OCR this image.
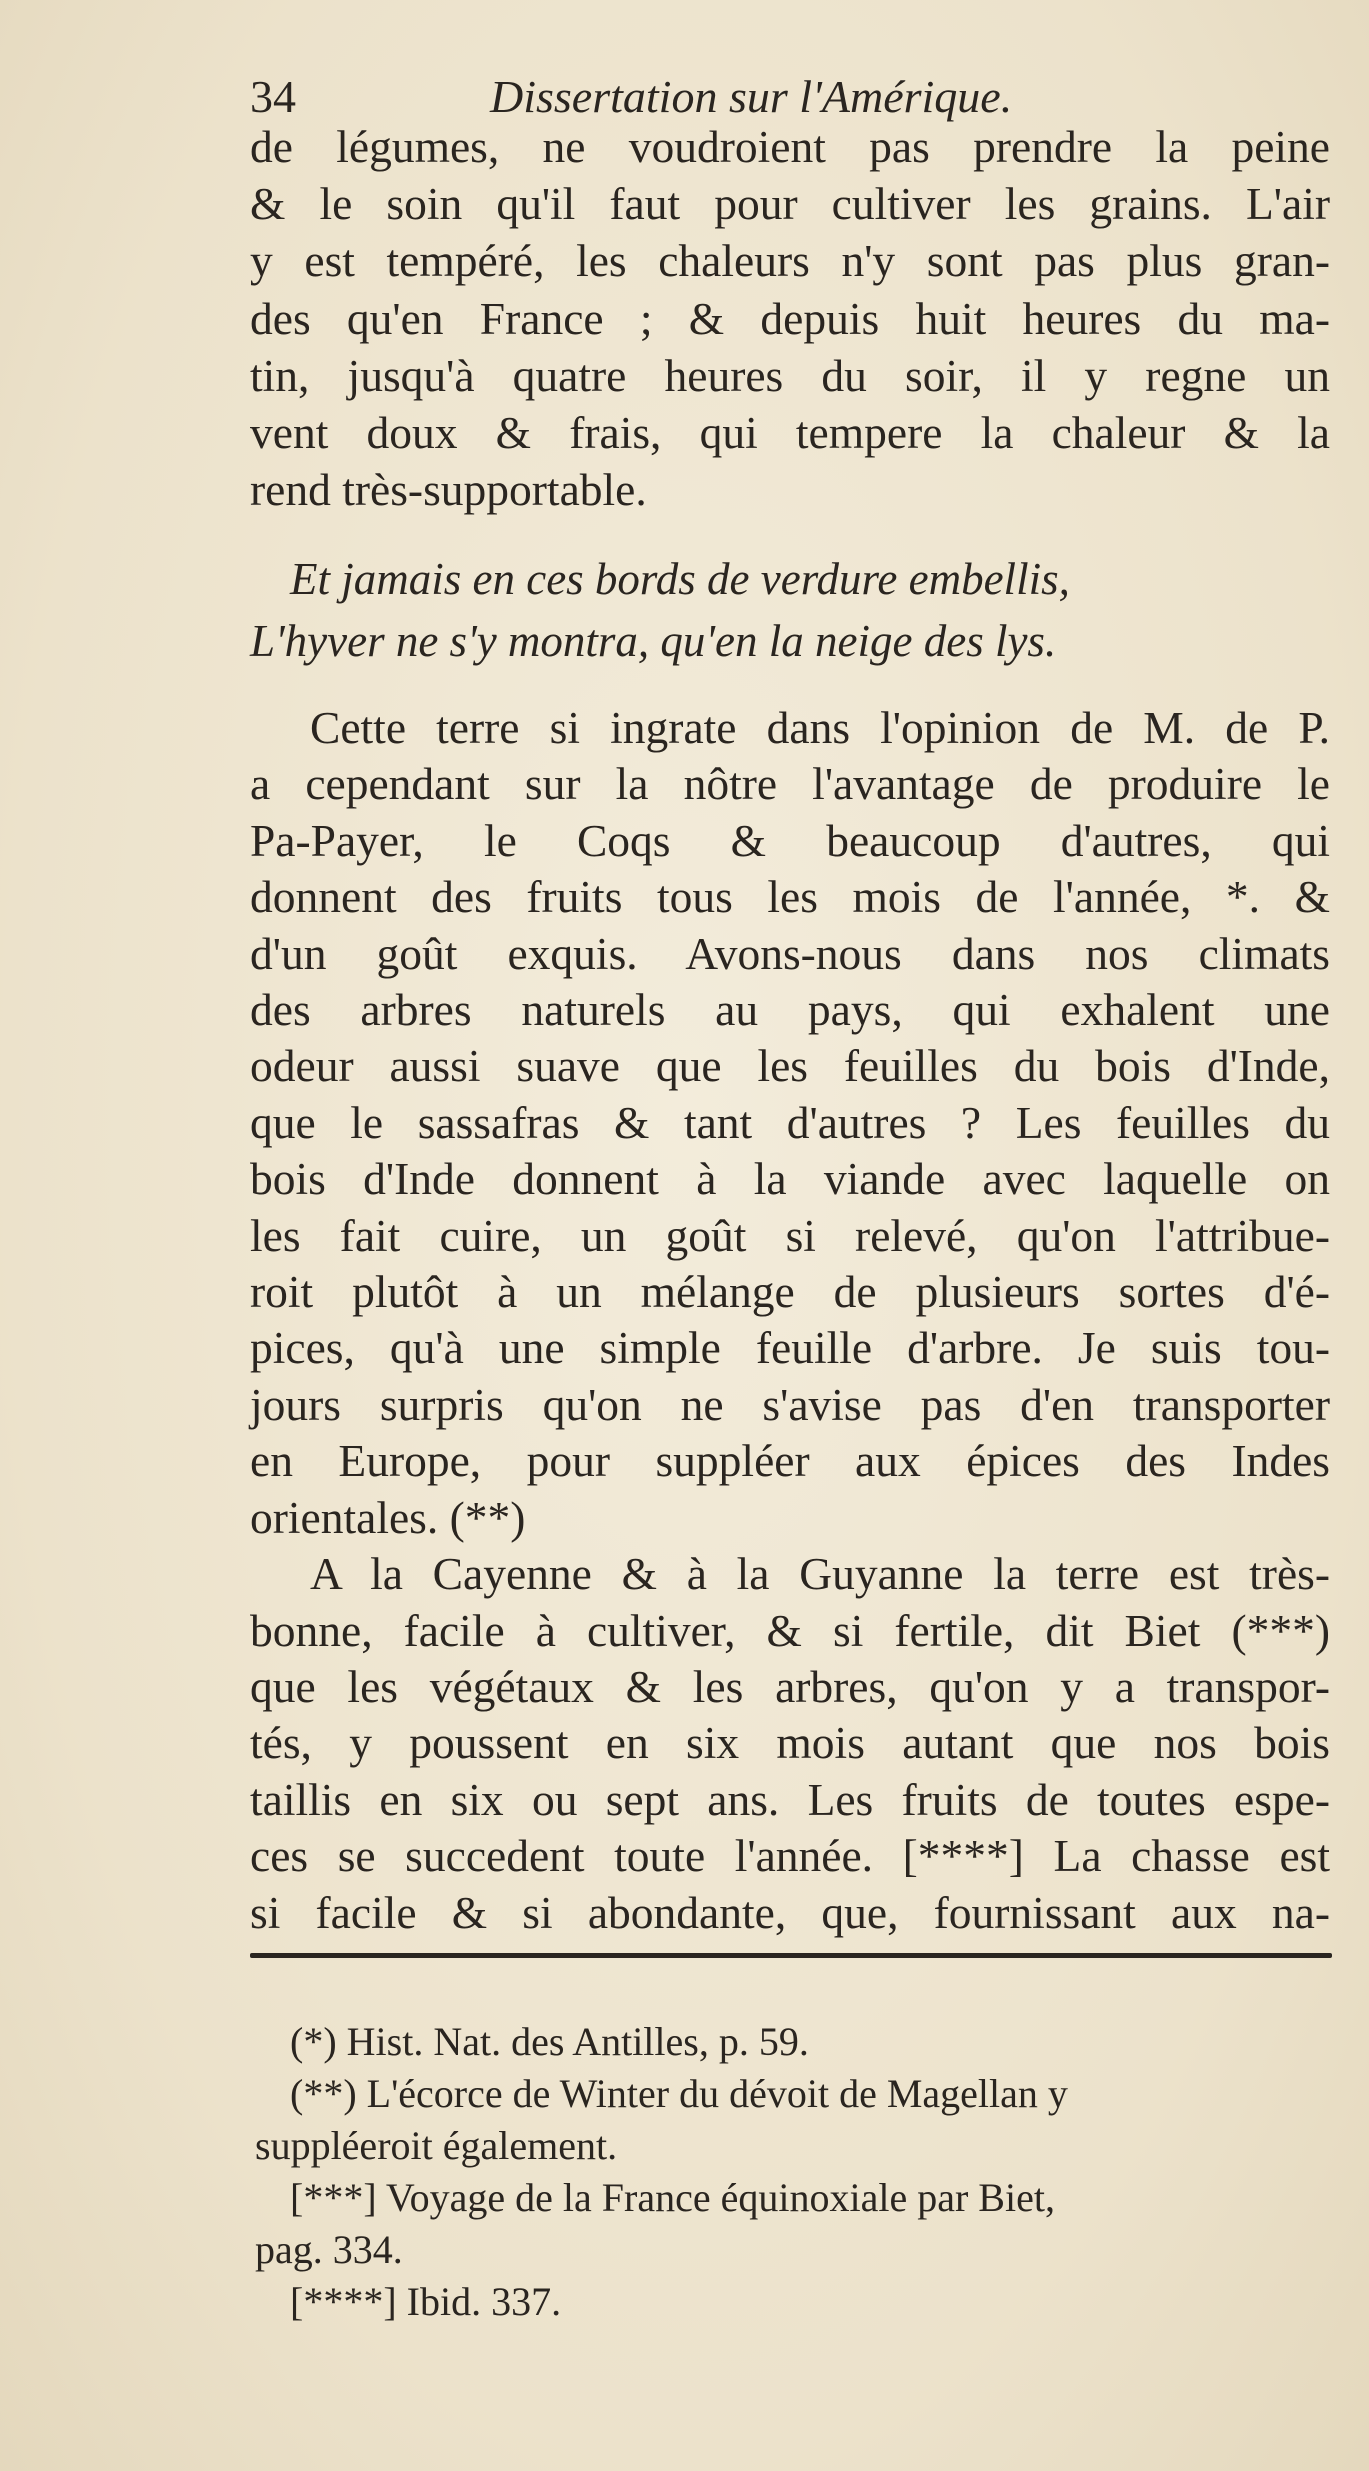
34	Dissertation sur l'Amérique.

de légumes, ne voudroient pas prendre la peine

& le soin qu'il faut pour cultiver les grains. L'air

y est tempéré, les chaleurs n'y sont pas plus gran-

des qu'en France ; & depuis huit heures du ma-

tin, jusqu'à quatre heures du soir, il y regne un

vent doux & frais, qui tempere la chaleur & la

rend très-supportable.

Et jamais en ces bords de verdure embellis,
L'hyver ne s'y montra, qu'en la neige des lys.

Cette terre si ingrate dans l'opinion de M. de P.

a cependant sur la nôtre l'avantage de produire le

Pa-Payer, le Coqs & beaucoup d'autres, qui

donnent des fruits tous les mois de l'année, *. &

d'un goût exquis. Avons-nous dans nos climats

des arbres naturels au pays, qui exhalent une

odeur aussi suave que les feuilles du bois d'Inde,

que le sassafras & tant d'autres ? Les feuilles du

bois d'Inde donnent à la viande avec laquelle on

les fait cuire, un goût si relevé, qu'on l'attribue-

roit plutôt à un mélange de plusieurs sortes d'é-

pices, qu'à une simple feuille d'arbre. Je suis tou-

jours surpris qu'on ne s'avise pas d'en transporter

en Europe, pour suppléer aux épices des Indes

orientales. (**)

A la Cayenne & à la Guyanne la terre est très-

bonne, facile à cultiver, & si fertile, dit Biet (***)

que les végétaux & les arbres, qu'on y a transpor-

tés, y poussent en six mois autant que nos bois

taillis en six ou sept ans. Les fruits de toutes espe-

ces se succedent toute l'année. [****] La chasse est

si facile & si abondante, que, fournissant aux na-

(*) Hist. Nat. des Antilles, p. 59.

(**) L'écorce de Winter du dévoit de Magellan y

suppléeroit également.

[***] Voyage de la France équinoxiale par Biet,

pag. 334.

[****] Ibid. 337.
